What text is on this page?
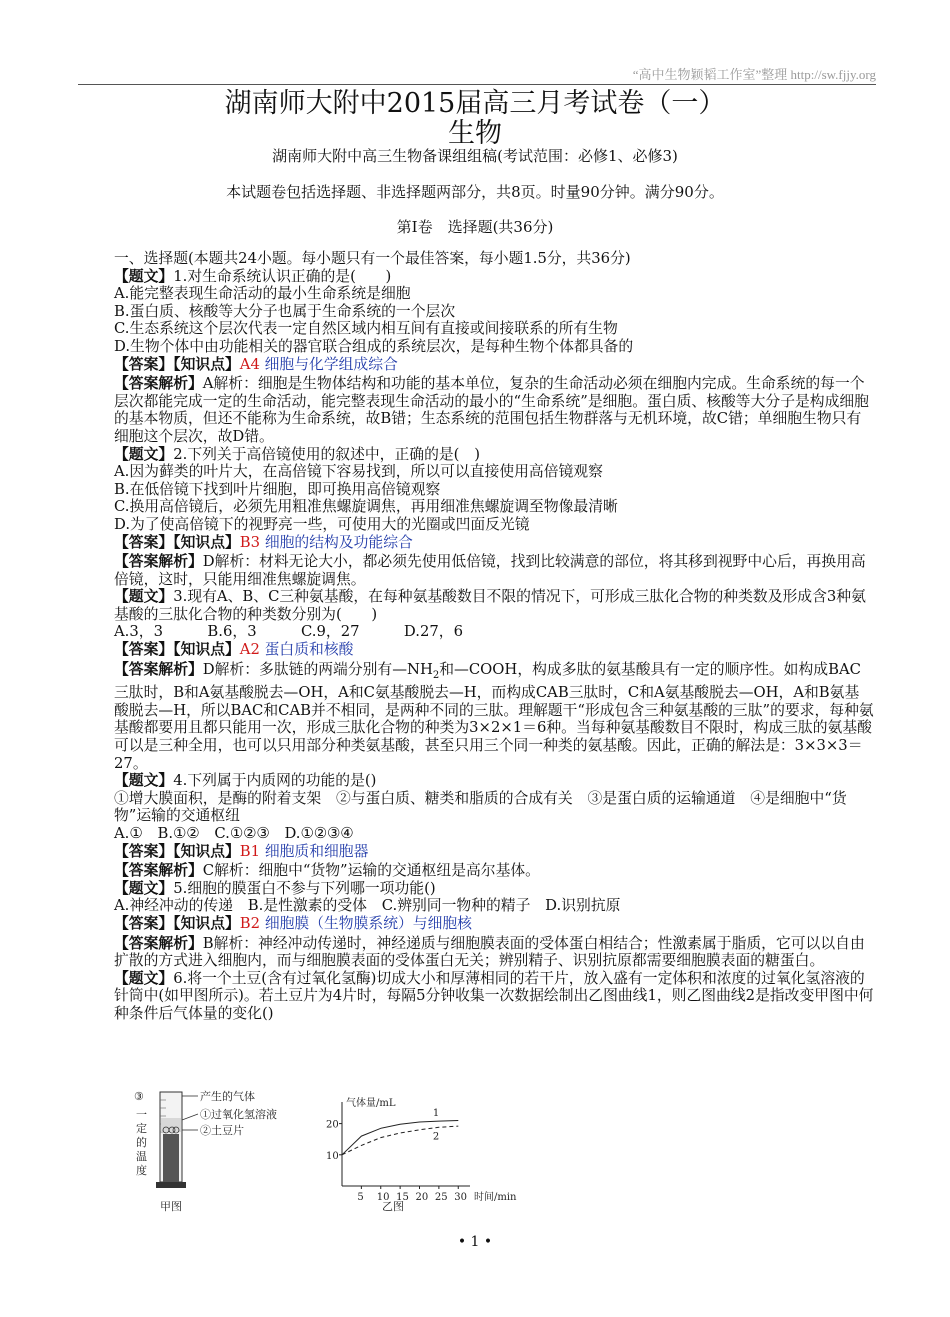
“高中生物颖韬工作室”整理 http://sw.fjjy.org
湖南师大附中2015届高三月考试卷（一）
生物
湖南师大附中高三生物备课组组稿(考试范围：必修1、必修3)
本试题卷包括选择题、非选择题两部分，共8页。时量90分钟。满分90分。
第Ⅰ卷　选择题(共36分)

一、选择题(本题共24小题。每小题只有一个最佳答案，每小题1.5分，共36分)

【题文】1.对生命系统认识正确的是(　　)

A.能完整表现生命活动的最小生命系统是细胞

B.蛋白质、核酸等大分子也属于生命系统的一个层次

C.生态系统这个层次代表一定自然区域内相互间有直接或间接联系的所有生物

D.生物个体中由功能相关的器官联合组成的系统层次，是每种生物个体都具备的

【答案】【知识点】A4 细胞与化学组成综合

【答案解析】A解析：细胞是生物体结构和功能的基本单位，复杂的生命活动必须在细胞内完成。生命系统的每一个层次都能完成一定的生命活动，能完整表现生命活动的最小的“生命系统”是细胞。蛋白质、核酸等大分子是构成细胞的基本物质，但还不能称为生命系统，故B错；生态系统的范围包括生物群落与无机环境，故C错；单细胞生物只有细胞这个层次，故D错。

【题文】2.下列关于高倍镜使用的叙述中，正确的是(　)

A.因为藓类的叶片大，在高倍镜下容易找到，所以可以直接使用高倍镜观察

B.在低倍镜下找到叶片细胞，即可换用高倍镜观察

C.换用高倍镜后，必须先用粗准焦螺旋调焦，再用细准焦螺旋调至物像最清晰

D.为了使高倍镜下的视野亮一些，可使用大的光圈或凹面反光镜

【答案】【知识点】B3 细胞的结构及功能综合

【答案解析】D解析：材料无论大小，都必须先使用低倍镜，找到比较满意的部位，将其移到视野中心后，再换用高倍镜，这时，只能用细准焦螺旋调焦。

【题文】3.现有A、B、C三种氨基酸，在每种氨基酸数目不限的情况下，可形成三肽化合物的种类数及形成含3种氨基酸的三肽化合物的种类数分别为(　　)

A.3，3　　　B.6，3　　　C.9，27　　　D.27，6

【答案】【知识点】A2 蛋白质和核酸

【答案解析】D解析：多肽链的两端分别有$—NH_2$和—COOH，构成多肽的氨基酸具有一定的顺序性。如构成BAC三肽时，B和A氨基酸脱去—OH，A和C氨基酸脱去—H，而构成CAB三肽时，C和A氨基酸脱去—OH，A和B氨基酸脱去—H，所以BAC和CAB并不相同，是两种不同的三肽。理解题干“形成包含三种氨基酸的三肽”的要求，每种氨基酸都要用且都只能用一次，形成三肽化合物的种类为3×2×1＝6种。当每种氨基酸数目不限时，构成三肽的氨基酸可以是三种全用，也可以只用部分种类氨基酸，甚至只用三个同一种类的氨基酸。因此，正确的解法是：3×3×3＝27。

【题文】4.下列属于内质网的功能的是()

①增大膜面积，是酶的附着支架　②与蛋白质、糖类和脂质的合成有关　③是蛋白质的运输通道　④是细胞中“货物”运输的交通枢纽

A.①　B.①②　C.①②③　D.①②③④

【答案】【知识点】B1 细胞质和细胞器

【答案解析】C解析：细胞中“货物”运输的交通枢纽是高尔基体。

【题文】5.细胞的膜蛋白不参与下列哪一项功能()

A.神经冲动的传递　B.是性激素的受体　C.辨别同一物种的精子　D.识别抗原

【答案】【知识点】B2 细胞膜（生物膜系统）与细胞核

【答案解析】B解析：神经冲动传递时，神经递质与细胞膜表面的受体蛋白相结合；性激素属于脂质，它可以以自由扩散的方式进入细胞内，而与细胞膜表面的受体蛋白无关；辨别精子、识别抗原都需要细胞膜表面的糖蛋白。

【题文】6.将一个土豆(含有过氧化氢酶)切成大小和厚薄相同的若干片，放入盛有一定体积和浓度的过氧化氢溶液的针筒中(如甲图所示)。若土豆片为4片时，每隔5分钟收集一次数据绘制出乙图曲线1，则乙图曲线2是指改变甲图中何种条件后气体量的变化()

③
一
定
的
温
度
产生的气体
①过氧化氢溶液
②土豆片
甲图
气体量/mL
时间/min
乙图
10
20
5 10 15 20 25 30
1
2
• 1 •
